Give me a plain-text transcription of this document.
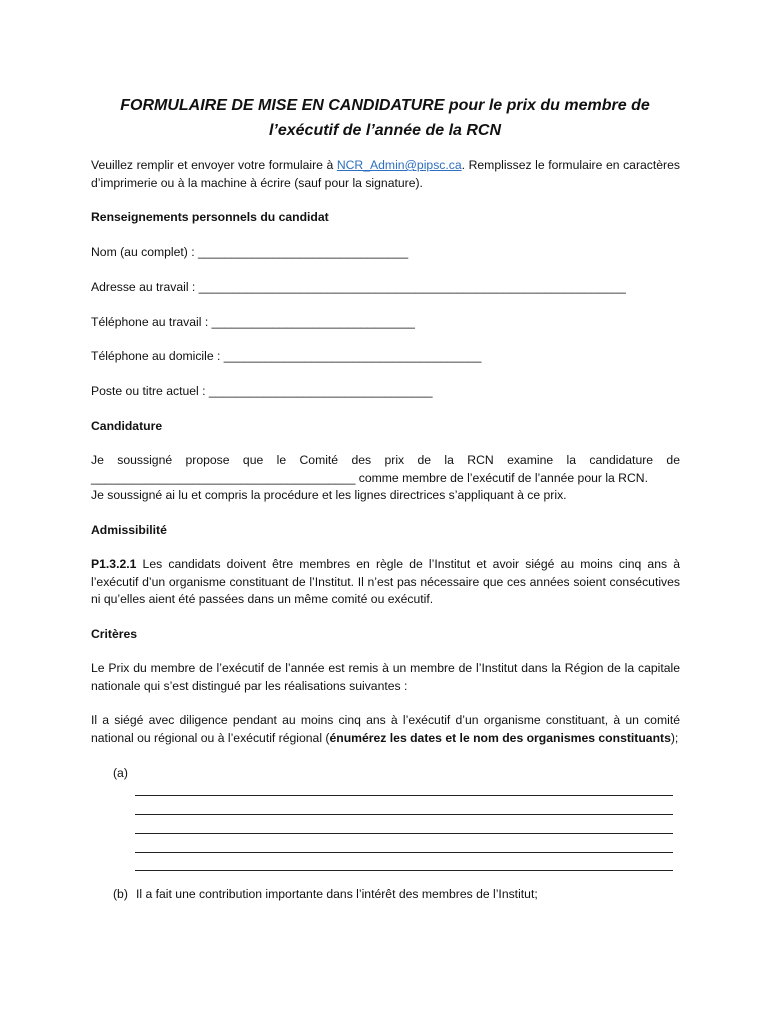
FORMULAIRE DE MISE EN CANDIDATURE pour le prix du membre de l’exécutif de l’année de la RCN
Veuillez remplir et envoyer votre formulaire à NCR_Admin@pipsc.ca. Remplissez le formulaire en caractères d’imprimerie ou à la machine à écrire (sauf pour la signature).
Renseignements personnels du candidat
Nom (au complet) : _______________________________
Adresse au travail : _______________________________________________________________
Téléphone au travail : ______________________________
Téléphone au domicile : ______________________________________
Poste ou titre actuel : _________________________________
Candidature
Je soussigné propose que le Comité des prix de la RCN examine la candidature de _______________________________________ comme membre de l’exécutif de l’année pour la RCN.
Je soussigné ai lu et compris la procédure et les lignes directrices s’appliquant à ce prix.
Admissibilité
P1.3.2.1 Les candidats doivent être membres en règle de l’Institut et avoir siégé au moins cinq ans à l’exécutif d’un organisme constituant de l’Institut. Il n’est pas nécessaire que ces années soient consécutives ni qu’elles aient été passées dans un même comité ou exécutif.
Critères
Le Prix du membre de l’exécutif de l’année est remis à un membre de l’Institut dans la Région de la capitale nationale qui s’est distingué par les réalisations suivantes :
Il a siégé avec diligence pendant au moins cinq ans à l’exécutif d’un organisme constituant, à un comité national ou régional ou à l’exécutif régional (énumérez les dates et le nom des organismes constituants);
(a)
(b) Il a fait une contribution importante dans l’intérêt des membres de l’Institut;
